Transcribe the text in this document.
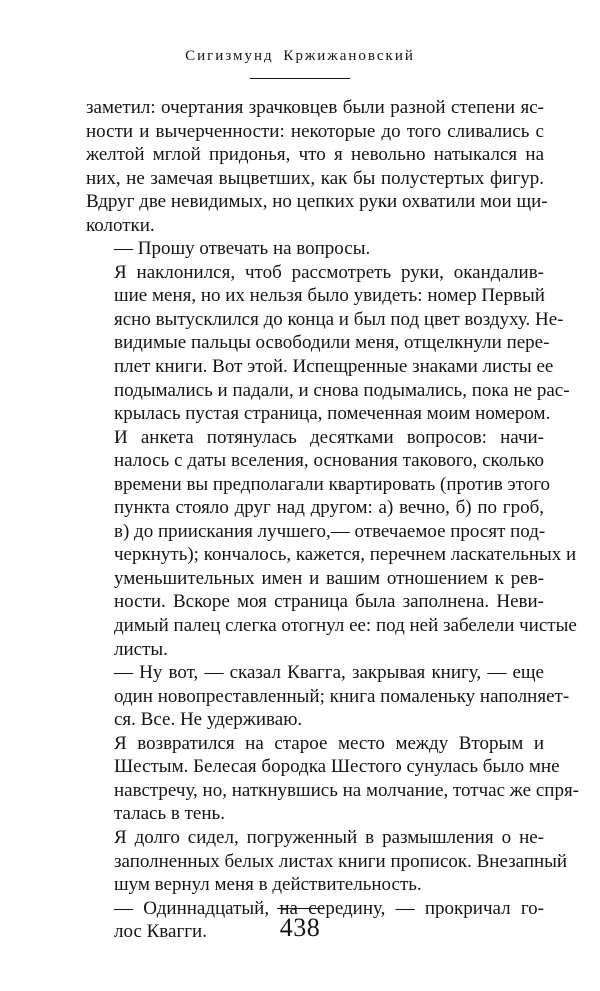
Сигизмунд Кржижановский

заметил: очертания зрачковцев были разной степени яс-
ности и вычерченности: некоторые до того сливались с
желтой мглой придонья, что я невольно натыкался на
них, не замечая выцветших, как бы полустертых фигур.
Вдруг две невидимых, но цепких руки охватили мои щи-
колотки.

— Прошу отвечать на вопросы.

Я наклонился, чтоб рассмотреть руки, окандалив-
шие меня, но их нельзя было увидеть: номер Первый
ясно вытусклился до конца и был под цвет воздуху. Не-
видимые пальцы освободили меня, отщелкнули пере-
плет книги. Вот этой. Испещренные знаками листы ее
подымались и падали, и снова подымались, пока не рас-
крылась пустая страница, помеченная моим номером.

И анкета потянулась десятками вопросов: начи-
налось с даты вселения, основания такового, сколько
времени вы предполагали квартировать (против этого
пункта стояло друг над другом: а) вечно, б) по гроб,
в) до приискания лучшего,— отвечаемое просят под-
черкнуть); кончалось, кажется, перечнем ласкательных и
уменьшительных имен и вашим отношением к рев-
ности. Вскоре моя страница была заполнена. Неви-
димый палец слегка отогнул ее: под ней забелели чистые
листы.

— Ну вот, — сказал Квагга, закрывая книгу, — еще
один новопреставленный; книга помаленьку наполняет-
ся. Все. Не удерживаю.

Я возвратился на старое место между Вторым и
Шестым. Белесая бородка Шестого сунулась было мне
навстречу, но, наткнувшись на молчание, тотчас же спря-
талась в тень.

Я долго сидел, погруженный в размышления о не-
заполненных белых листах книги прописок. Внезапный
шум вернул меня в действительность.

— Одиннадцатый, на середину, — прокричал го-
лос Квагги.	438
